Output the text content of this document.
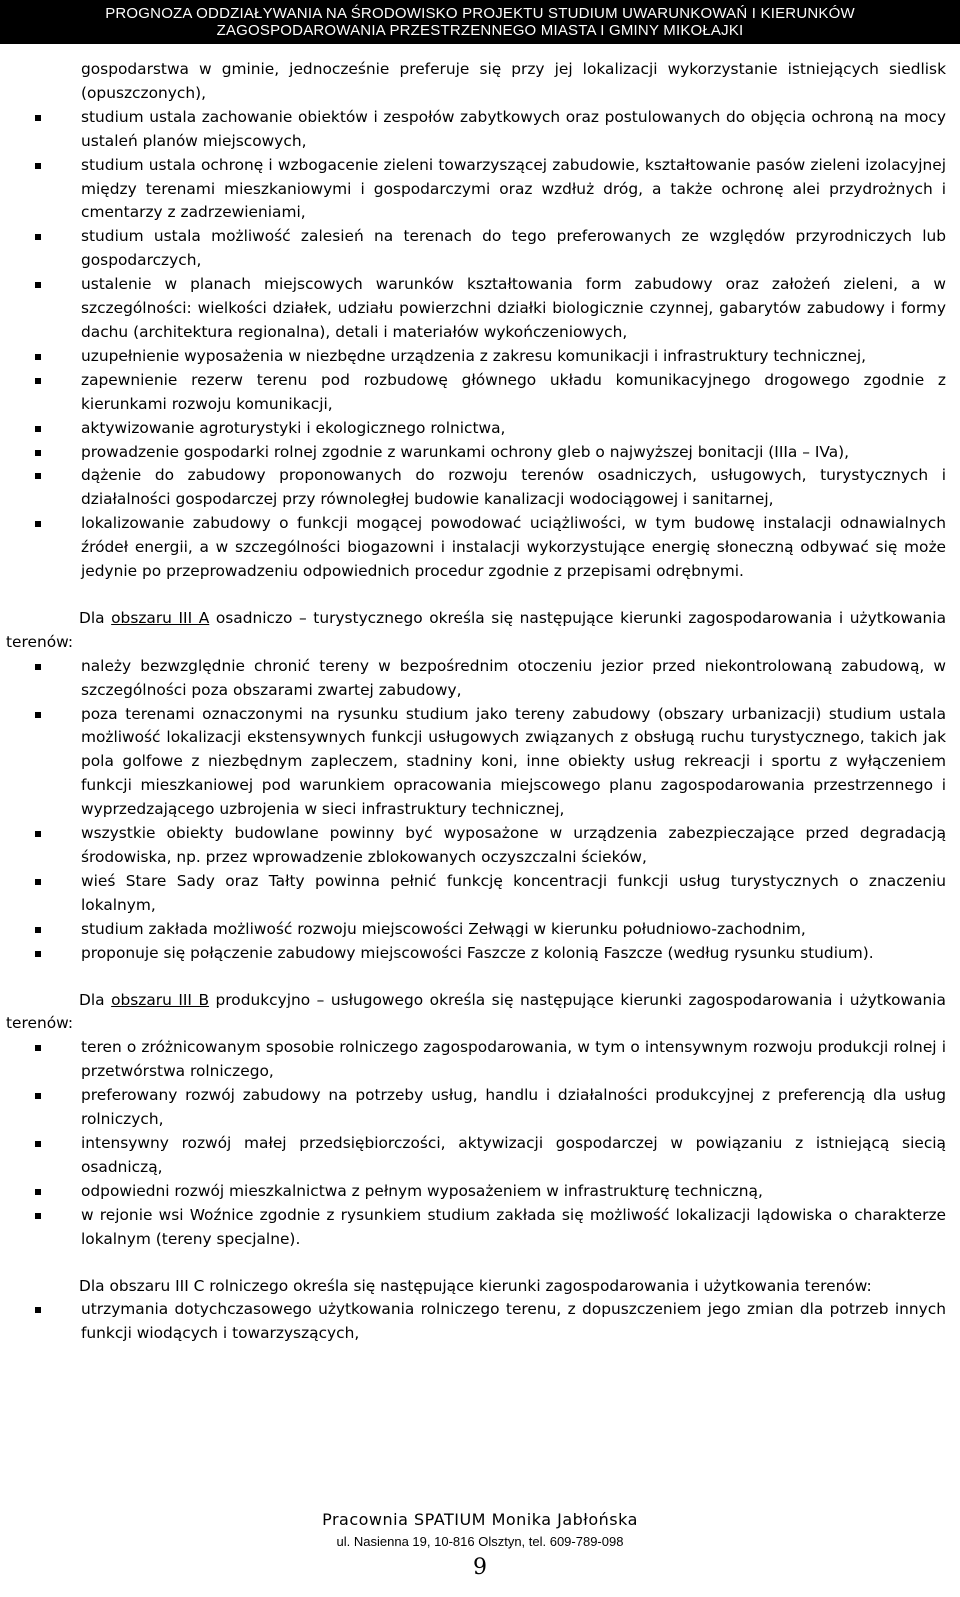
PROGNOZA ODDZIAŁYWANIA NA ŚRODOWISKO PROJEKTU STUDIUM UWARUNKOWAŃ I KIERUNKÓW
ZAGOSPODAROWANIA PRZESTRZENNEGO MIASTA I GMINY MIKOŁAJKI
gospodarstwa w gminie, jednocześnie preferuje się przy jej lokalizacji wykorzystanie istniejących siedlisk (opuszczonych),
studium ustala zachowanie obiektów i zespołów zabytkowych oraz postulowanych do objęcia ochroną na mocy ustaleń planów miejscowych,
studium ustala ochronę i wzbogacenie zieleni towarzyszącej zabudowie, kształtowanie pasów zieleni izolacyjnej między terenami mieszkaniowymi i gospodarczymi oraz wzdłuż dróg, a także ochronę alei przydrożnych i cmentarzy z zadrzewieniami,
studium ustala możliwość zalesień na terenach do tego preferowanych ze względów przyrodniczych lub gospodarczych,
ustalenie w planach miejscowych warunków kształtowania form zabudowy oraz założeń zieleni, a w szczególności: wielkości działek, udziału powierzchni działki biologicznie czynnej, gabarytów zabudowy i formy dachu (architektura regionalna), detali i materiałów wykończeniowych,
uzupełnienie wyposażenia w niezbędne urządzenia z zakresu komunikacji i infrastruktury technicznej,
zapewnienie rezerw terenu pod rozbudowę głównego układu komunikacyjnego drogowego zgodnie z kierunkami rozwoju komunikacji,
aktywizowanie agroturystyki i ekologicznego rolnictwa,
prowadzenie gospodarki rolnej zgodnie z warunkami ochrony gleb o najwyższej bonitacji (IIIa – IVa),
dążenie do zabudowy proponowanych do rozwoju terenów osadniczych, usługowych, turystycznych i działalności gospodarczej przy równoległej budowie kanalizacji wodociągowej i sanitarnej,
lokalizowanie zabudowy o funkcji mogącej powodować uciążliwości, w tym budowę instalacji odnawialnych źródeł energii, a w szczególności biogazowni i instalacji wykorzystujące energię słoneczną odbywać się może jedynie po przeprowadzeniu odpowiednich procedur zgodnie z przepisami odrębnymi.

Dla obszaru III A osadniczo – turystycznego określa się następujące kierunki zagospodarowania i użytkowania terenów:

należy bezwzględnie chronić tereny w bezpośrednim otoczeniu jezior przed niekontrolowaną zabudową, w szczególności poza obszarami zwartej zabudowy,
poza terenami oznaczonymi na rysunku studium jako tereny zabudowy (obszary urbanizacji) studium ustala możliwość lokalizacji ekstensywnych funkcji usługowych związanych z obsługą ruchu turystycznego, takich jak pola golfowe z niezbędnym zapleczem, stadniny koni, inne obiekty usług rekreacji i sportu z wyłączeniem funkcji mieszkaniowej pod warunkiem opracowania miejscowego planu zagospodarowania przestrzennego i wyprzedzającego uzbrojenia w sieci infrastruktury technicznej,
wszystkie obiekty budowlane powinny być wyposażone w urządzenia zabezpieczające przed degradacją środowiska, np. przez wprowadzenie zblokowanych oczyszczalni ścieków,
wieś Stare Sady oraz Tałty powinna pełnić funkcję koncentracji funkcji usług turystycznych o znaczeniu lokalnym,
studium zakłada możliwość rozwoju miejscowości Zełwągi w kierunku południowo-zachodnim,
proponuje się połączenie zabudowy miejscowości Faszcze z kolonią Faszcze (według rysunku studium).

Dla obszaru III B produkcyjno – usługowego określa się następujące kierunki zagospodarowania i użytkowania terenów:

teren o zróżnicowanym sposobie rolniczego zagospodarowania, w tym o intensywnym rozwoju produkcji rolnej i przetwórstwa rolniczego,
preferowany rozwój zabudowy na potrzeby usług, handlu i działalności produkcyjnej z preferencją dla usług rolniczych,
intensywny rozwój małej przedsiębiorczości, aktywizacji gospodarczej w powiązaniu z istniejącą siecią osadniczą,
odpowiedni rozwój mieszkalnictwa z pełnym wyposażeniem w infrastrukturę techniczną,
w rejonie wsi Woźnice zgodnie z rysunkiem studium zakłada się możliwość lokalizacji lądowiska o charakterze lokalnym (tereny specjalne).

Dla obszaru III C rolniczego określa się następujące kierunki zagospodarowania i użytkowania terenów:

utrzymania dotychczasowego użytkowania rolniczego terenu, z dopuszczeniem jego zmian dla potrzeb innych funkcji wiodących i towarzyszących,
Pracownia SPATIUM Monika Jabłońska
ul. Nasienna 19, 10-816 Olsztyn, tel. 609-789-098
9
